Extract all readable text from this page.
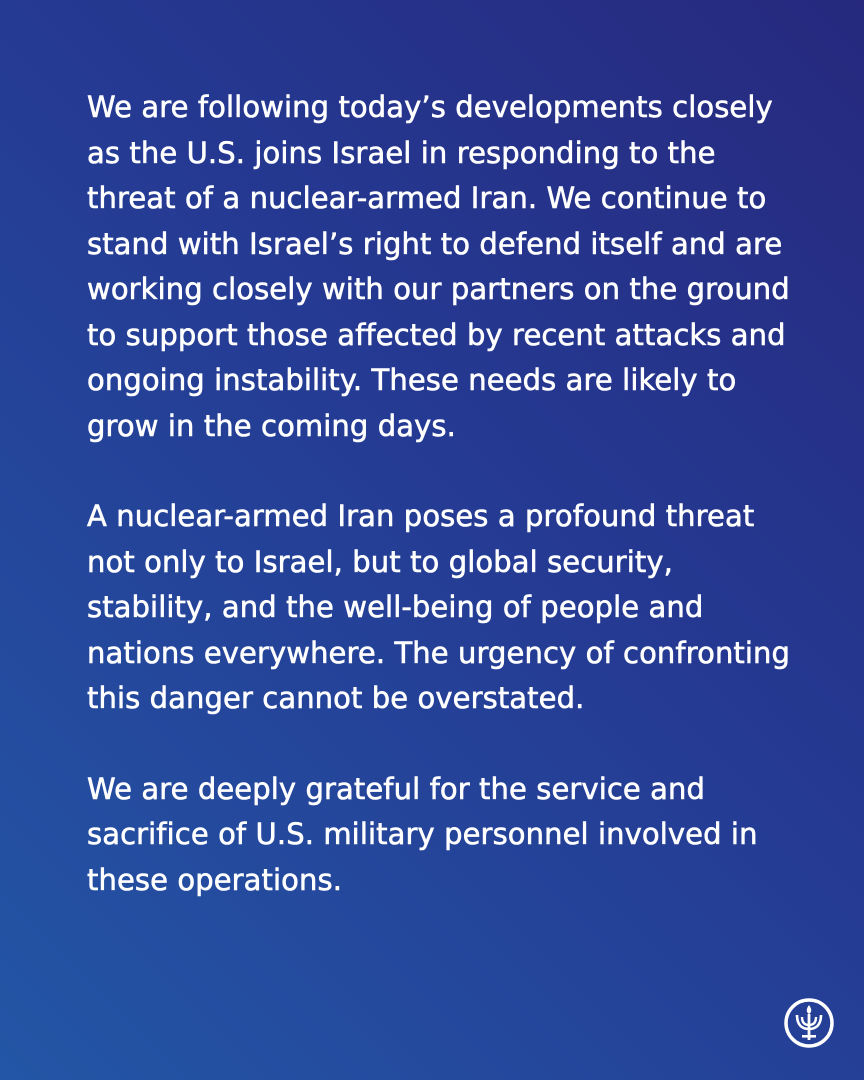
We are following today’s developments closely as the U.S. joins Israel in responding to the threat of a nuclear-armed Iran. We continue to stand with Israel’s right to defend itself and are working closely with our partners on the ground to support those affected by recent attacks and ongoing instability. These needs are likely to grow in the coming days.

A nuclear-armed Iran poses a profound threat not only to Israel, but to global security, stability, and the well-being of people and nations everywhere. The urgency of confronting this danger cannot be overstated.

We are deeply grateful for the service and sacrifice of U.S. military personnel involved in these operations.
